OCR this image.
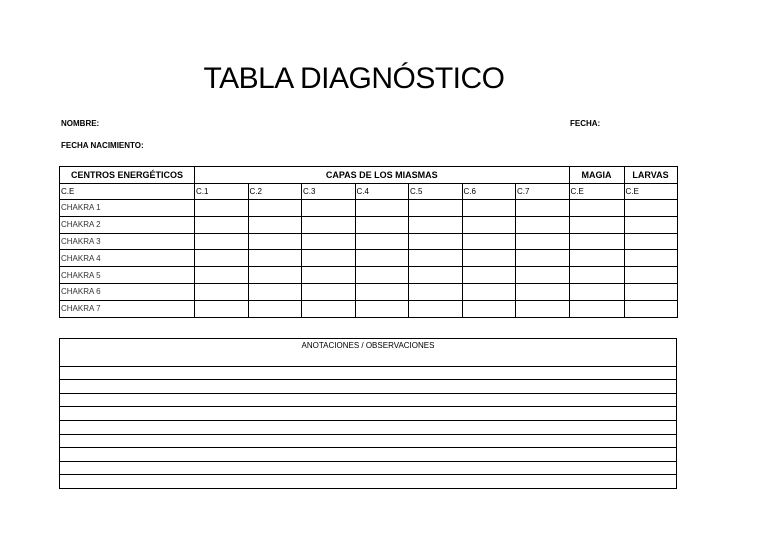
TABLA DIAGNÓSTICO
NOMBRE:	FECHA:
FECHA NACIMIENTO:
CENTROS ENERGÉTICOS	CAPAS DE LOS MIASMAS							MAGIA	LARVAS
C.E	C.1	C.2	C.3	C.4	C.5	C.6	C.7	C.E	C.E
CHAKRA 1									
CHAKRA 2									
CHAKRA 3									
CHAKRA 4									
CHAKRA 5									
CHAKRA 6									
CHAKRA 7									
ANOTACIONES / OBSERVACIONES
